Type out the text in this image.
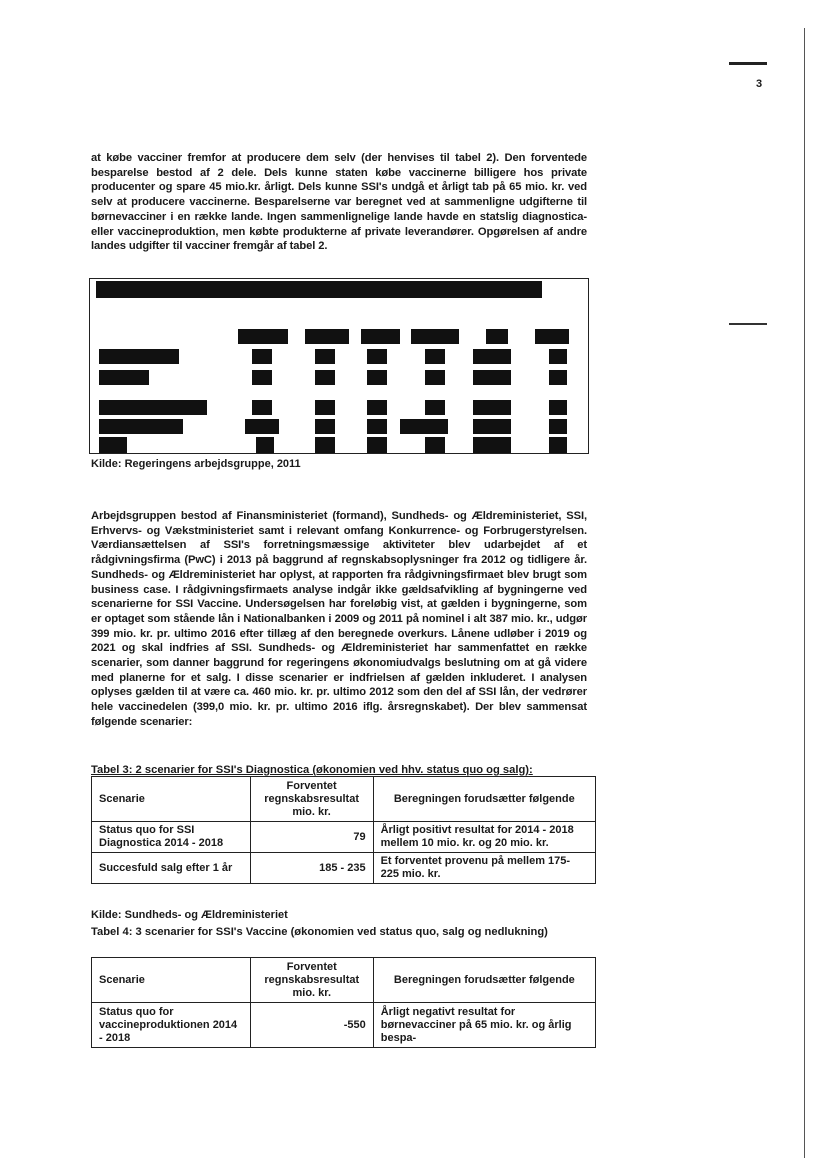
3
at købe vacciner fremfor at producere dem selv (der henvises til tabel 2). Den forventede besparelse bestod af 2 dele. Dels kunne staten købe vaccinerne billigere hos private producenter og spare 45 mio.kr. årligt. Dels kunne SSI's undgå et årligt tab på 65 mio. kr. ved selv at producere vaccinerne. Besparelserne var beregnet ved at sammenligne udgifterne til børnevacciner i en række lande. Ingen sammenlignelige lande havde en statslig diagnostica- eller vaccineproduktion, men købte produkterne af private leverandører. Opgørelsen af andre landes udgifter til vacciner fremgår af tabel 2.
Kilde: Regeringens arbejdsgruppe, 2011
Arbejdsgruppen bestod af Finansministeriet (formand), Sundheds- og Ældreministeriet, SSI, Erhvervs- og Vækstministeriet samt i relevant omfang Konkurrence- og Forbrugerstyrelsen. Værdiansættelsen af SSI's forretningsmæssige aktiviteter blev udarbejdet af et rådgivningsfirma (PwC) i 2013 på baggrund af regnskabsoplysninger fra 2012 og tidligere år. Sundheds- og Ældreministeriet har oplyst, at rapporten fra rådgivningsfirmaet blev brugt som business case. I rådgivningsfirmaets analyse indgår ikke gældsafvikling af bygningerne ved scenarierne for SSI Vaccine. Undersøgelsen har foreløbig vist, at gælden i bygningerne, som er optaget som stående lån i Nationalbanken i 2009 og 2011 på nominel i alt 387 mio. kr., udgør 399 mio. kr. pr. ultimo 2016 efter tillæg af den beregnede overkurs. Lånene udløber i 2019 og 2021 og skal indfries af SSI. Sundheds- og Ældreministeriet har sammenfattet en række scenarier, som danner baggrund for regeringens økonomiudvalgs beslutning om at gå videre med planerne for et salg. I disse scenarier er indfrielsen af gælden inkluderet. I analysen oplyses gælden til at være ca. 460 mio. kr. pr. ultimo 2012 som den del af SSI lån, der vedrører hele vaccinedelen (399,0 mio. kr. pr. ultimo 2016 iflg. årsregnskabet). Der blev sammensat følgende scenarier:
Tabel 3: 2 scenarier for SSI's Diagnostica (økonomien ved hhv. status quo og salg):
Scenarie	Forventet regnskabsresultat mio. kr.	Beregningen forudsætter følgende
Status quo for SSI Diagnostica 2014 - 2018	79	Årligt positivt resultat for 2014 - 2018 mellem 10 mio. kr. og 20 mio. kr.
Succesfuld salg efter 1 år	185 - 235	Et forventet provenu på mellem 175-225 mio. kr.
Kilde: Sundheds- og Ældreministeriet
Tabel 4: 3 scenarier for SSI's Vaccine (økonomien ved status quo, salg og nedlukning)
Scenarie	Forventet regnskabsresultat mio. kr.	Beregningen forudsætter følgende
Status quo for vaccineproduktionen 2014 - 2018	-550	Årligt negativt resultat for børnevacciner på 65 mio. kr. og årlig bespa-
